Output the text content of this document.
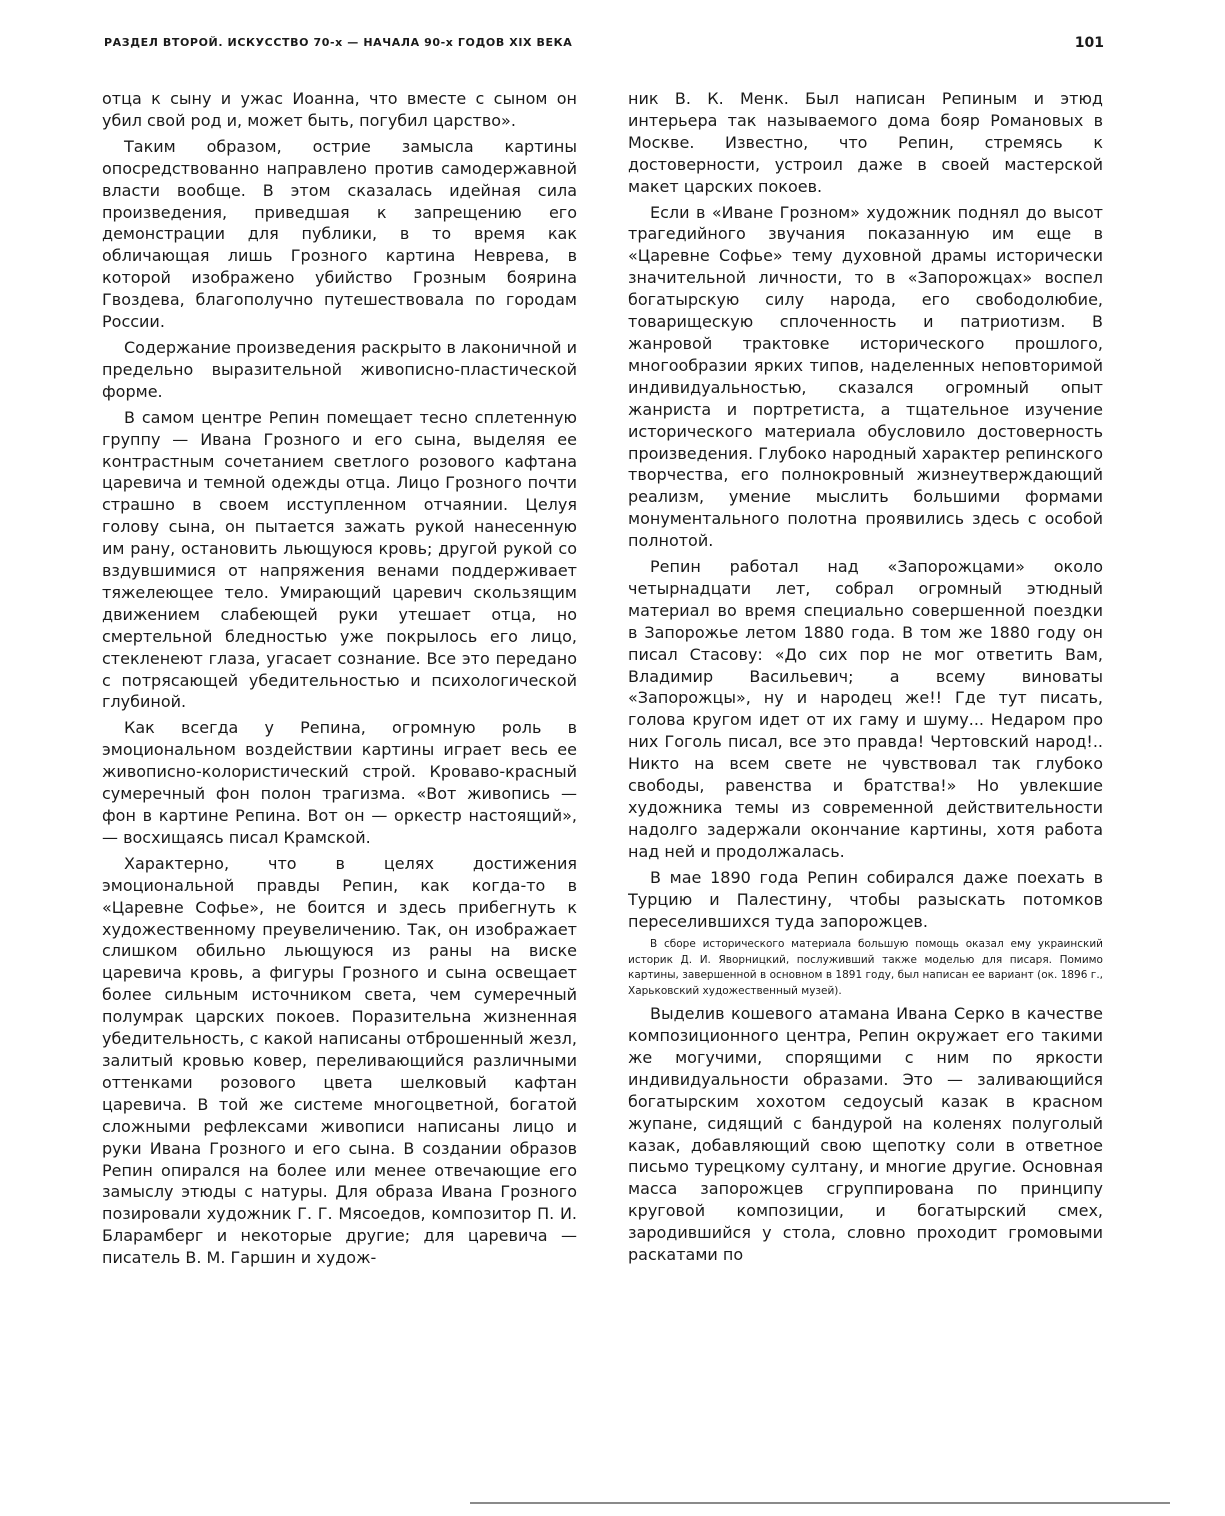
РАЗДЕЛ ВТОРОЙ. ИСКУССТВО 70-х — НАЧАЛА 90-х ГОДОВ XIX ВЕКА	101

отца к сыну и ужас Иоанна, что вместе с сыном он убил свой род и, может быть, погубил царство».

Таким образом, острие замысла картины опосредствованно направлено против самодержавной власти вообще. В этом сказалась идейная сила произведения, приведшая к запрещению его демонстрации для публики, в то время как обличающая лишь Грозного картина Неврева, в которой изображено убийство Грозным боярина Гвоздева, благополучно путешествовала по городам России.

Содержание произведения раскрыто в лаконичной и предельно выразительной живописно-пластической форме.

В самом центре Репин помещает тесно сплетенную группу — Ивана Грозного и его сына, выделяя ее контрастным сочетанием светлого розового кафтана царевича и темной одежды отца. Лицо Грозного почти страшно в своем исступленном отчаянии. Целуя голову сына, он пытается зажать рукой нанесенную им рану, остановить льющуюся кровь; другой рукой со вздувшимися от напряжения венами поддерживает тяжелеющее тело. Умирающий царевич скользящим движением слабеющей руки утешает отца, но смертельной бледностью уже покрылось его лицо, стекленеют глаза, угасает сознание. Все это передано с потрясающей убедительностью и психологической глубиной.

Как всегда у Репина, огромную роль в эмоциональном воздействии картины играет весь ее живописно-колористический строй. Кроваво-красный сумеречный фон полон трагизма. «Вот живопись — фон в картине Репина. Вот он — оркестр настоящий»,— восхищаясь писал Крамской.

Характерно, что в целях достижения эмоциональной правды Репин, как когда-то в «Царевне Софье», не боится и здесь прибегнуть к художественному преувеличению. Так, он изображает слишком обильно льющуюся из раны на виске царевича кровь, а фигуры Грозного и сына освещает более сильным источником света, чем сумеречный полумрак царских покоев. Поразительна жизненная убедительность, с какой написаны отброшенный жезл, залитый кровью ковер, переливающийся различными оттенками розового цвета шелковый кафтан царевича. В той же системе многоцветной, богатой сложными рефлексами живописи написаны лицо и руки Ивана Грозного и его сына. В создании образов Репин опирался на более или менее отвечающие его замыслу этюды с натуры. Для образа Ивана Грозного позировали художник Г. Г. Мясоедов, композитор П. И. Бларамберг и некоторые другие; для царевича — писатель В. М. Гаршин и худож-

ник В. К. Менк. Был написан Репиным и этюд интерьера так называемого дома бояр Романовых в Москве. Известно, что Репин, стремясь к достоверности, устроил даже в своей мастерской макет царских покоев.

Если в «Иване Грозном» художник поднял до высот трагедийного звучания показанную им еще в «Царевне Софье» тему духовной драмы исторически значительной личности, то в «Запорожцах» воспел богатырскую силу народа, его свободолюбие, товарищескую сплоченность и патриотизм. В жанровой трактовке исторического прошлого, многообразии ярких типов, наделенных неповторимой индивидуальностью, сказался огромный опыт жанриста и портретиста, а тщательное изучение исторического материала обусловило достоверность произведения. Глубоко народный характер репинского творчества, его полнокровный жизнеутверждающий реализм, умение мыслить большими формами монументального полотна проявились здесь с особой полнотой.

Репин работал над «Запорожцами» около четырнадцати лет, собрал огромный этюдный материал во время специально совершенной поездки в Запорожье летом 1880 года. В том же 1880 году он писал Стасову: «До сих пор не мог ответить Вам, Владимир Васильевич; а всему виноваты «Запорожцы», ну и народец же!! Где тут писать, голова кругом идет от их гаму и шуму... Недаром про них Гоголь писал, все это правда! Чертовский народ!.. Никто на всем свете не чувствовал так глубоко свободы, равенства и братства!» Но увлекшие художника темы из современной действительности надолго задержали окончание картины, хотя работа над ней и продолжалась.

В мае 1890 года Репин собирался даже поехать в Турцию и Палестину, чтобы разыскать потомков переселившихся туда запорожцев.

В сборе исторического материала большую помощь оказал ему украинский историк Д. И. Яворницкий, послуживший также моделью для писаря. Помимо картины, завершенной в основном в 1891 году, был написан ее вариант (ок. 1896 г., Харьковский художественный музей).

Выделив кошевого атамана Ивана Серко в качестве композиционного центра, Репин окружает его такими же могучими, спорящими с ним по яркости индивидуальности образами. Это — заливающийся богатырским хохотом седоусый казак в красном жупане, сидящий с бандурой на коленях полуголый казак, добавляющий свою щепотку соли в ответное письмо турецкому султану, и многие другие. Основная масса запорожцев сгруппирована по принципу круговой композиции, и богатырский смех, зародившийся у стола, словно проходит громовыми раскатами по
